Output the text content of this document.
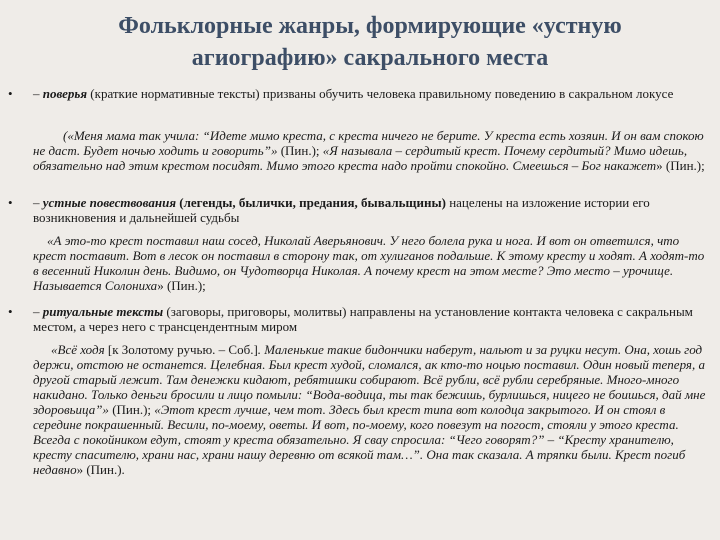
Фольклорные жанры, формирующие «устную
агиографию» сакрального места
• – поверья (краткие нормативные тексты) призваны обучить человека правильному поведению в сакральном локусе
(«Меня мама так учила: “Идете мимо креста, с креста ничего не берите. У креста есть хозяин. И он вам спокою не даст. Будет ночью ходить и говорить”» (Пин.); «Я называла – сердитый крест. Почему сердитый? Мимо идешь, обязательно над этим крестом посидят. Мимо этого креста надо пройти спокойно. Смеешься – Бог накажет» (Пин.);
• – устные повествования (легенды, былички, предания, бывальщины) нацелены на изложение истории его возникновения и дальнейшей судьбы
«А это-то крест поставил наш сосед, Николай Аверьянович. У него болела рука и нога. И вот он ответился, что крест поставит. Вот в лесок он поставил в сторону так, от хулиганов подальше. К этому кресту и ходят. А ходят-то в весенний Николин день. Видимо, он Чудотворца Николая. А почему крест на этом месте? Это место – урочище. Называется Солониха» (Пин.);
• – ритуальные тексты (заговоры, приговоры, молитвы) направлены на установление контакта человека с сакральным местом, а через него с трансцендентным миром
«Всё ходя [к Золотому ручью. – Соб.]. Маленькие такие бидончики наберут, нальют и за руцки несут. Она, хошь год держи, отстою не останется. Целебная. Был крест худой, сломался, ак кто-то ноцью поставил. Один новый теперя, а другой старый лежит. Там денежки кидают, ребятишки собирают. Всё рубли, всё рубли серебряные. Много-много накидано. Только деньги бросили и лицо помыли: “Вода-водица, ты так бежишь, бурлишься, ницего не боишься, дай мне здоровьица”» (Пин.); «Этот крест лучше, чем тот. Здесь был крест типа вот колодца закрытого. И он стоял в середине покрашенный. Весили, по-моему, оветы. И вот, по-моему, кого повезут на погост, стояли у этого креста. Всегда с покойником едут, стоят у креста обязательно. Я свау спросила: “Чего говорят?” – “Кресту хранителю, кресту спасителю, храни нас, храни нашу деревню от всякой там…”. Она так сказала. А тряпки были. Крест погиб недавно» (Пин.).
